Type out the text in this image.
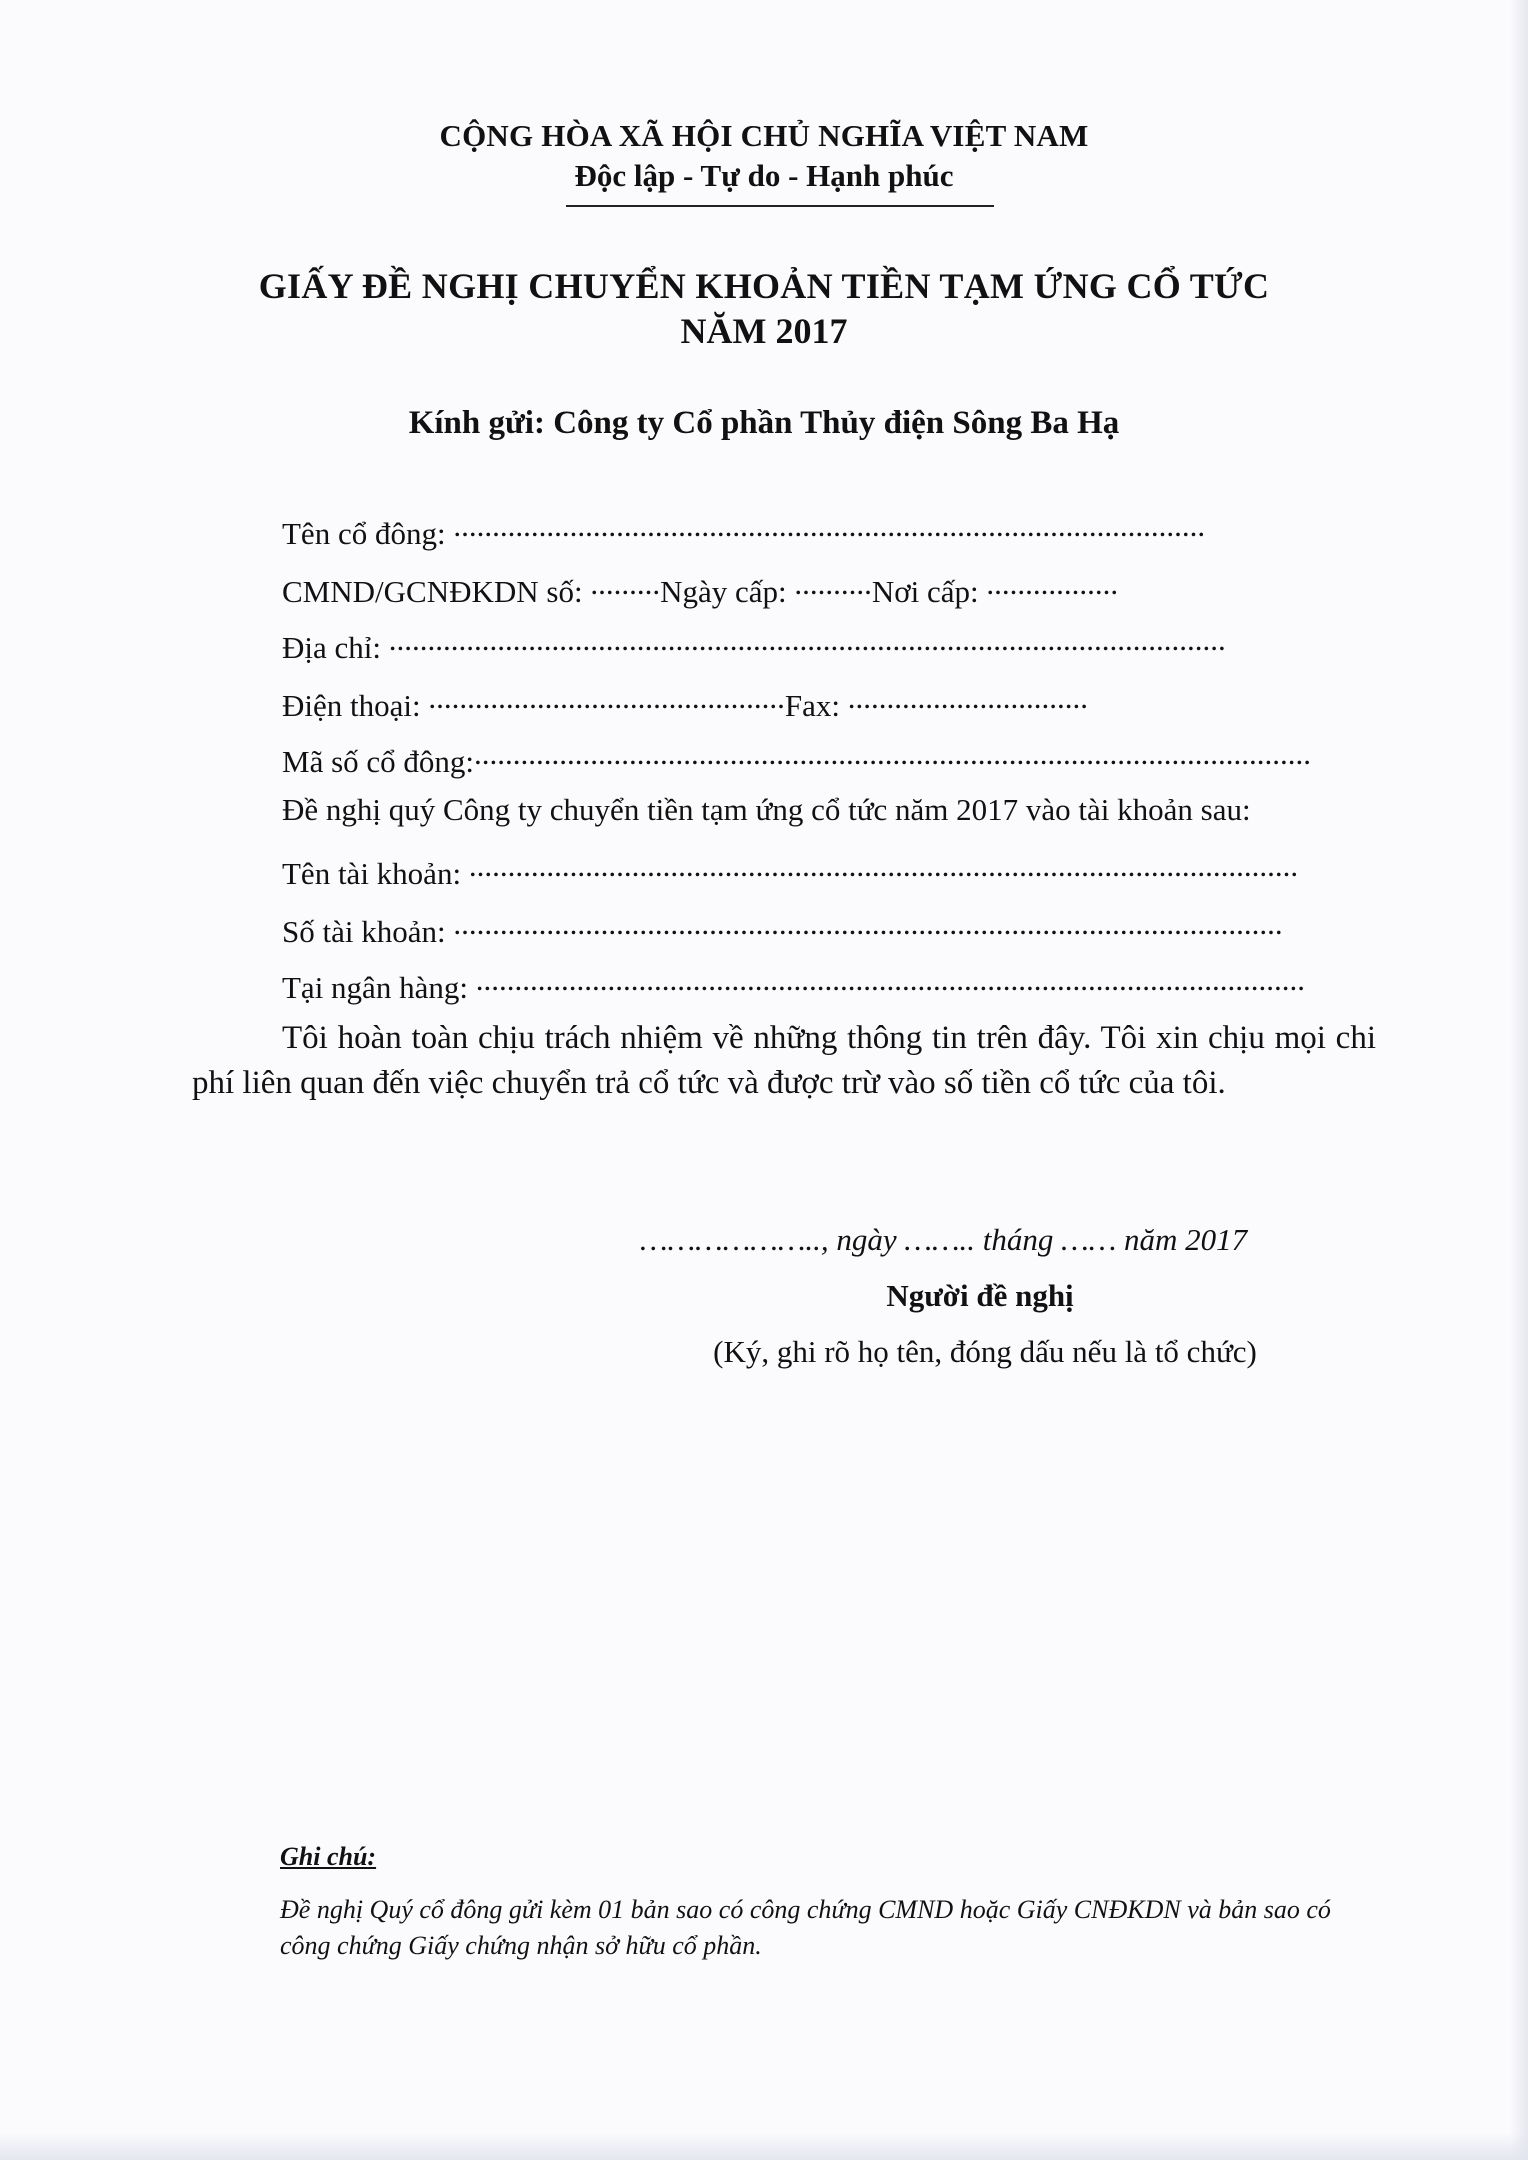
CỘNG HÒA XÃ HỘI CHỦ NGHĨA VIỆT NAM
Độc lập - Tự do - Hạnh phúc
GIẤY ĐỀ NGHỊ CHUYỂN KHOẢN TIỀN TẠM ỨNG CỔ TỨC
NĂM 2017
Kính gửi: Công ty Cổ phần Thủy điện Sông Ba Hạ
Tên cổ đông: .................................................................................................
CMND/GCNĐKDN số: .........Ngày cấp: ..........Nơi cấp: .................
Địa chỉ: ............................................................................................................
Điện thoại: ..............................................Fax: ...............................
Mã số cổ đông:............................................................................................................
Đề nghị quý Công ty chuyển tiền tạm ứng cổ tức năm 2017 vào tài khoản sau:
Tên tài khoản: ...........................................................................................................
Số tài khoản: ...........................................................................................................
Tại ngân hàng: ...........................................................................................................
Tôi hoàn toàn chịu trách nhiệm về những thông tin trên đây. Tôi xin chịu mọi chi phí liên quan đến việc chuyển trả cổ tức và được trừ vào số tiền cổ tức của tôi.
……………….., ngày …….. tháng …… năm 2017
Người đề nghị
(Ký, ghi rõ họ tên, đóng dấu nếu là tổ chức)
Ghi chú:
Đề nghị Quý cổ đông gửi kèm 01 bản sao có công chứng CMND hoặc Giấy CNĐKDN và bản sao có công chứng Giấy chứng nhận sở hữu cổ phần.
